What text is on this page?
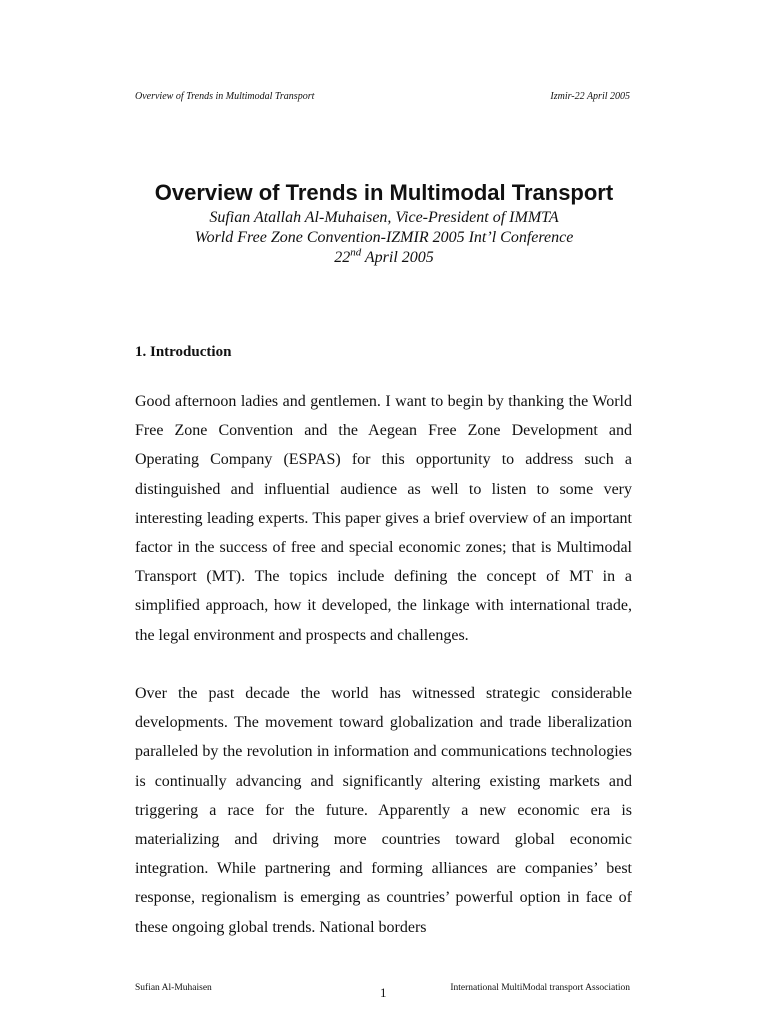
Overview of Trends in Multimodal Transport	Izmir-22 April 2005
Overview of Trends in Multimodal Transport

Sufian Atallah Al-Muhaisen, Vice-President of IMMTA

World Free Zone Convention-IZMIR 2005 Int’l Conference

22nd April 2005

1. Introduction

Good afternoon ladies and gentlemen. I want to begin by thanking the World Free Zone Convention and the Aegean Free Zone Development and Operating Company (ESPAS) for this opportunity to address such a distinguished and influential audience as well to listen to some very interesting leading experts. This paper gives a brief overview of an important factor in the success of free and special economic zones; that is Multimodal Transport (MT). The topics include defining the concept of MT in a simplified approach, how it developed, the linkage with international trade, the legal environment and prospects and challenges.

Over the past decade the world has witnessed strategic considerable developments. The movement toward globalization and trade liberalization paralleled by the revolution in information and communications technologies is continually advancing and significantly altering existing markets and triggering a race for the future. Apparently a new economic era is materializing and driving more countries toward global economic integration. While partnering and forming alliances are companies’ best response, regionalism is emerging as countries’ powerful option in face of these ongoing global trends. National borders

Sufian Al-Muhaisen	1	International MultiModal transport Association
